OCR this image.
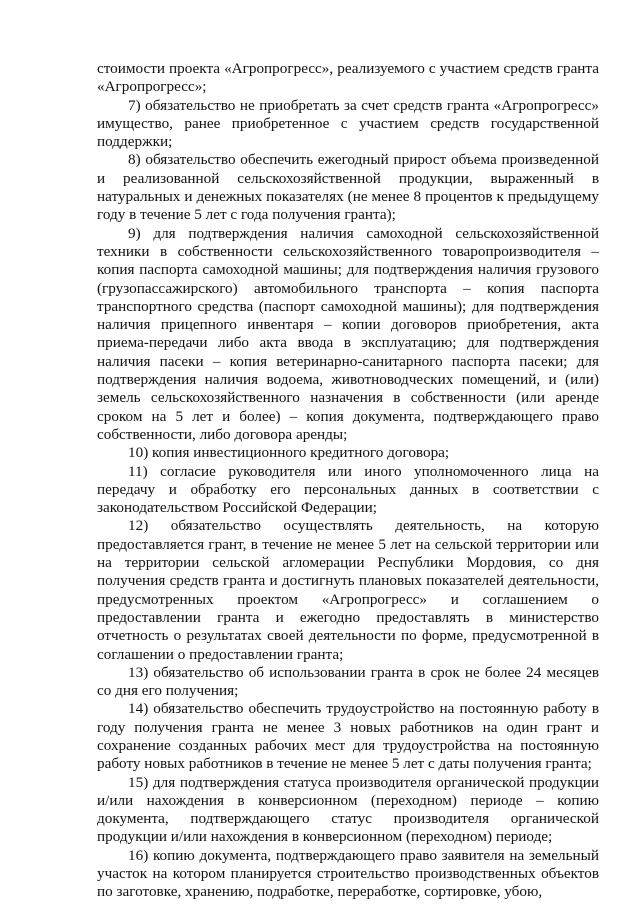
стоимости проекта «Агропрогресс», реализуемого с участием средств гранта «Агропрогресс»;

7) обязательство не приобретать за счет средств гранта «Агропрогресс» имущество, ранее приобретенное с участием средств государственной поддержки;

8) обязательство обеспечить ежегодный прирост объема произведенной и реализованной сельскохозяйственной продукции, выраженный в натуральных и денежных показателях (не менее 8 процентов к предыдущему году в течение 5 лет с года получения гранта);

9) для подтверждения наличия самоходной сельскохозяйственной техники в собственности сельскохозяйственного товаропроизводителя – копия паспорта самоходной машины; для подтверждения наличия грузового (грузопассажирского) автомобильного транспорта – копия паспорта транспортного средства (паспорт самоходной машины); для подтверждения наличия прицепного инвентаря – копии договоров приобретения, акта приема-передачи либо акта ввода в эксплуатацию; для подтверждения наличия пасеки – копия ветеринарно-санитарного паспорта пасеки; для подтверждения наличия водоема, животноводческих помещений, и (или) земель сельскохозяйственного назначения в собственности (или аренде сроком на 5 лет и более) – копия документа, подтверждающего право собственности, либо договора аренды;

10) копия инвестиционного кредитного договора;

11) согласие руководителя или иного уполномоченного лица на передачу и обработку его персональных данных в соответствии с законодательством Российской Федерации;

12) обязательство осуществлять деятельность, на которую предоставляется грант, в течение не менее 5 лет на сельской территории или на территории сельской агломерации Республики Мордовия, со дня получения средств гранта и достигнуть плановых показателей деятельности, предусмотренных проектом «Агропрогресс» и соглашением о предоставлении гранта и ежегодно предоставлять в министерство отчетность о результатах своей деятельности по форме, предусмотренной в соглашении о предоставлении гранта;

13) обязательство об использовании гранта в срок не более 24 месяцев со дня его получения;

14) обязательство обеспечить трудоустройство на постоянную работу в году получения гранта не менее 3 новых работников на один грант и сохранение созданных рабочих мест для трудоустройства на постоянную работу новых работников в течение не менее 5 лет с даты получения гранта;

15) для подтверждения статуса производителя органической продукции и/или нахождения в конверсионном (переходном) периоде – копию документа, подтверждающего статус производителя органической продукции и/или нахождения в конверсионном (переходном) периоде;

16) копию документа, подтверждающего право заявителя на земельный участок на котором планируется строительство производственных объектов по заготовке, хранению, подработке, переработке, сортировке, убою,
